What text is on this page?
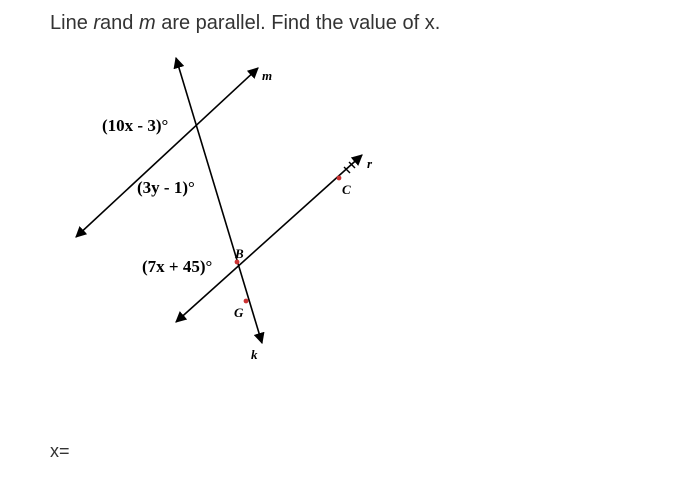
Line rand m are parallel. Find the value of x.
m
r
k
B
C
G
(10x - 3)°
(3y - 1)°
(7x + 45)°
x=
